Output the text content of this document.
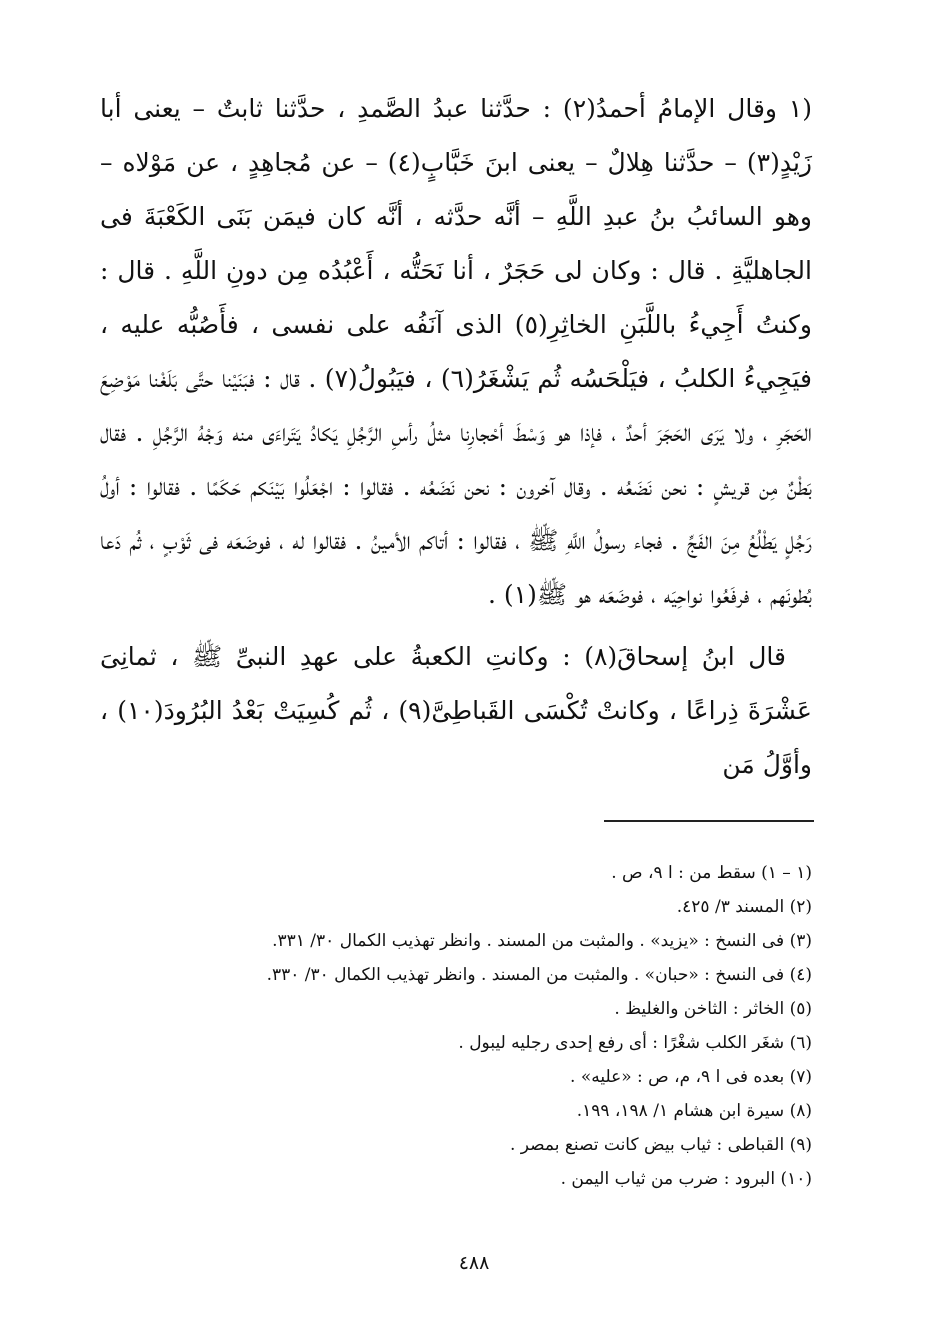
(١ وقال الإمامُ أحمدُ(٢) : حدَّثنا عبدُ الصَّمدِ ، حدَّثنا ثابتٌ – يعنى أبا زَيْدٍ(٣) – حدَّثنا هِلالٌ – يعنى ابنَ خَبَّابٍ(٤) – عن مُجاهِدٍ ، عن مَوْلاه – وهو السائبُ بنُ عبدِ اللَّهِ – أنَّه حدَّثه ، أنَّه كان فيمَن بَنَى الكَعْبَةَ فى الجاهليَّةِ . قال : وكان لى حَجَرٌ ، أنا نَحَتُّه ، أَعْبُدُه مِن دونِ اللَّهِ . قال : وكنتُ أَجِيءُ باللَّبَنِ الخاثِرِ(٥) الذى آنَفُه على نفسى ، فأَصُبُّه عليه ، فيَجِيءُ الكلبُ ، فيَلْحَسُه ثُم يَشْغَرُ(٦) ، فيَبُولُ(٧) . قال : فبَنَيْنا حتَّى بَلَغْنا مَوْضِعَ الحَجَرِ ، ولا يَرَى الحَجَرَ أحدٌ ، فإذا هو وَسْطَ أحْجارِنا مثلُ رأسِ الرَّجُلِ يَكادُ يَتَراءَى منه وَجْهُ الرَّجُلِ . فقال بَطْنٌ مِن قريشٍ : نحن نَضَعُه . وقال آخرون : نحن نَضَعُه . فقالوا : اجْعَلُوا بَيْنَكم حَكَمًا . فقالوا : أولُ رَجُلٍ يَطْلُعُ مِنَ الفَجِّ . فجاء رسولُ اللَّهِ ﷺ ، فقالوا : أتاكم الأمينُ . فقالوا له ، فوضَعَه فى ثَوْبٍ ، ثُم دَعا بُطونَهم ، فرفَعُوا نواحِيَه ، فوضَعَه هو ﷺ(١) .

قال ابنُ إسحاقَ(٨) : وكانتِ الكعبةُ على عهدِ النبىِّ ﷺ ، ثمانِىَ عَشْرَةَ ذِراعًا ، وكانتْ تُكْسَى القَباطِىَّ(٩) ، ثُم كُسِيَتْ بَعْدُ البُرُودَ(١٠) ، وأوَّلُ مَن

(١ – ١) سقط من : ا ٩، ص .
(٢) المسند ٣/ ٤٢٥.
(٣) فى النسخ : «يزيد» . والمثبت من المسند . وانظر تهذيب الكمال ٣٠/ ٣٣١.
(٤) فى النسخ : «حبان» . والمثبت من المسند . وانظر تهذيب الكمال ٣٠/ ٣٣٠.
(٥) الخاثر : الثاخن والغليظ .
(٦) شغَر الكلب شغْرًا : أى رفع إحدى رجليه ليبول .
(٧) بعده فى ا ٩، م، ص : «عليه» .
(٨) سيرة ابن هشام ١/ ١٩٨، ١٩٩.
(٩) القباطى : ثياب بيض كانت تصنع بمصر .
(١٠) البرود : ضرب من ثياب اليمن .
٤٨٨
